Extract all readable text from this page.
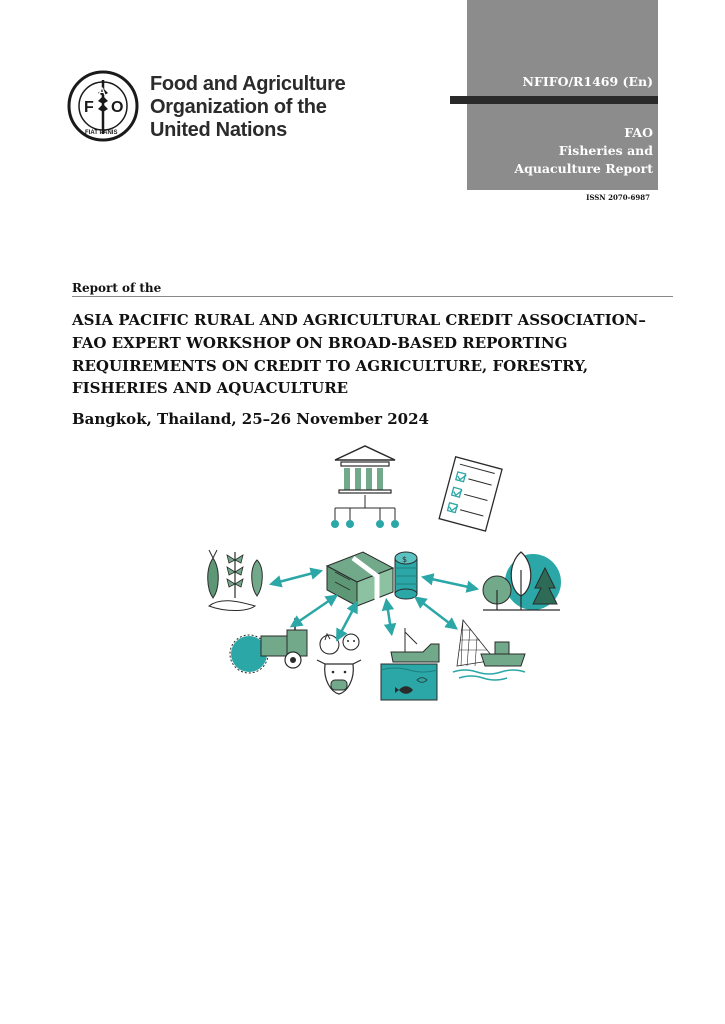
F
A
O
FIAT PANIS
Food and Agriculture
Organization of the
United Nations
NFIFO/R1469 (En)
FAO
Fisheries and
Aquaculture Report
ISSN 2070-6987
Report of the
ASIA PACIFIC RURAL AND AGRICULTURAL CREDIT ASSOCIATION–
FAO EXPERT WORKSHOP ON BROAD-BASED REPORTING
REQUIREMENTS ON CREDIT TO AGRICULTURE, FORESTRY,
FISHERIES AND AQUACULTURE
Bangkok, Thailand, 25–26 November 2024
$
